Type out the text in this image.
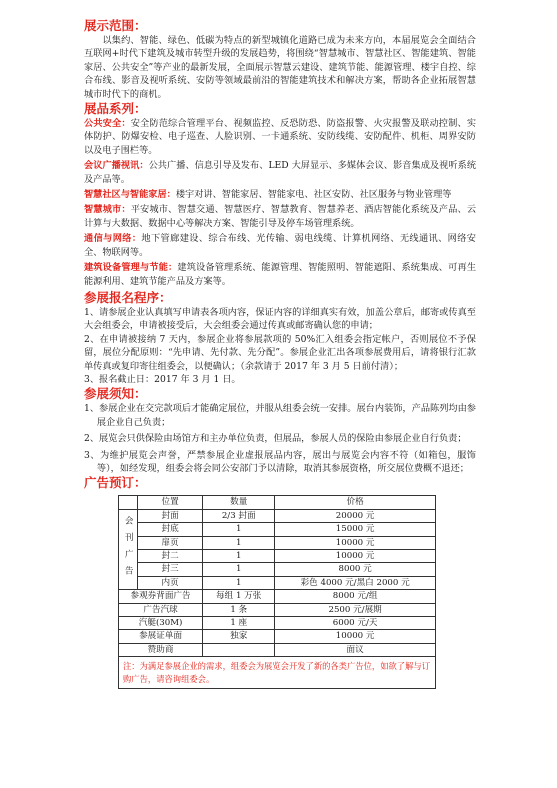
展示范围：

以集约、智能、绿色、低碳为特点的新型城镇化道路已成为未来方向，本届展览会全面结合互联网+时代下建筑及城市转型升级的发展趋势，将围绕“智慧城市、智慧社区、智能建筑、智能家居、公共安全”等产业的最新发展，全面展示智慧云建设、建筑节能、能源管理、楼宇自控、综合布线、影音及视听系统、安防等领域最前沿的智能建筑技术和解决方案，帮助各企业拓展智慧城市时代下的商机。

展品系列：

公共安全：安全防范综合管理平台、视频监控、反恐防恐、防盗报警、火灾报警及联动控制、实体防护、防爆安检、电子巡查、人脸识别、一卡通系统、安防线缆、安防配件、机柜、周界安防以及电子围栏等。

会议广播视讯：公共广播、信息引导及发布、LED 大屏显示、多媒体会议、影音集成及视听系统及产品等。

智慧社区与智能家居：楼宇对讲、智能家居、智能家电、社区安防、社区服务与物业管理等

智慧城市：平安城市、智慧交通、智慧医疗、智慧教育、智慧养老、酒店智能化系统及产品、云计算与大数据、数据中心等解决方案、智能引导及停车场管理系统。

通信与网络：地下管廊建设、综合布线、光传输、弱电线缆、计算机网络、无线通讯、网络安全、物联网等。

建筑设备管理与节能：建筑设备管理系统、能源管理、智能照明、智能遮阳、系统集成、可再生能源利用、建筑节能产品及方案等。

参展报名程序：

1、请参展企业认真填写申请表各项内容，保证内容的详细真实有效，加盖公章后，邮寄或传真至大会组委会，申请被接受后，大会组委会通过传真或邮寄确认您的申请；

2、在申请被接纳 7 天内，参展企业将参展款项的 50%汇入组委会指定帐户，否则展位不予保留，展位分配原则：“先申请、先付款、先分配”。参展企业汇出各项参展费用后，请将银行汇款单传真或复印寄往组委会，以便确认；（余款请于 2017 年 3 月 5 日前付清）；

3、报名截止日：2017 年 3 月 1 日。

参展须知：

1、参展企业在交完款项后才能确定展位，并服从组委会统一安排。展台内装饰，产品陈列均由参展企业自己负责；

2、展览会只供保险由场馆方和主办单位负责，但展品，参展人员的保险由参展企业自行负责；

3、为维护展览会声誉，严禁参展企业虚报展品内容，展出与展览会内容不符（如箱包，服饰等），如经发现，组委会将会同公安部门予以清除，取消其参展资格，所交展位费概不退还；

广告预订：
	位置	数量	价格
会刊广告	封面	2/3 封面	20000 元
	封底	1	15000 元
	扉页	1	10000 元
	封二	1	10000 元
	封三	1	8000 元
	内页	1	彩色 4000 元/黑白 2000 元
参观券背面广告		每组 1 万张	8000 元/组
广告汽球		1 条	2500 元/展期
汽艇(30M)		1 座	6000 元/天
参展证单面		独家	10000 元
赞助商			面议
注：为满足参展企业的需求，组委会为展览会开发了新的各类广告位，如欲了解与订购广告，请咨询组委会。			
